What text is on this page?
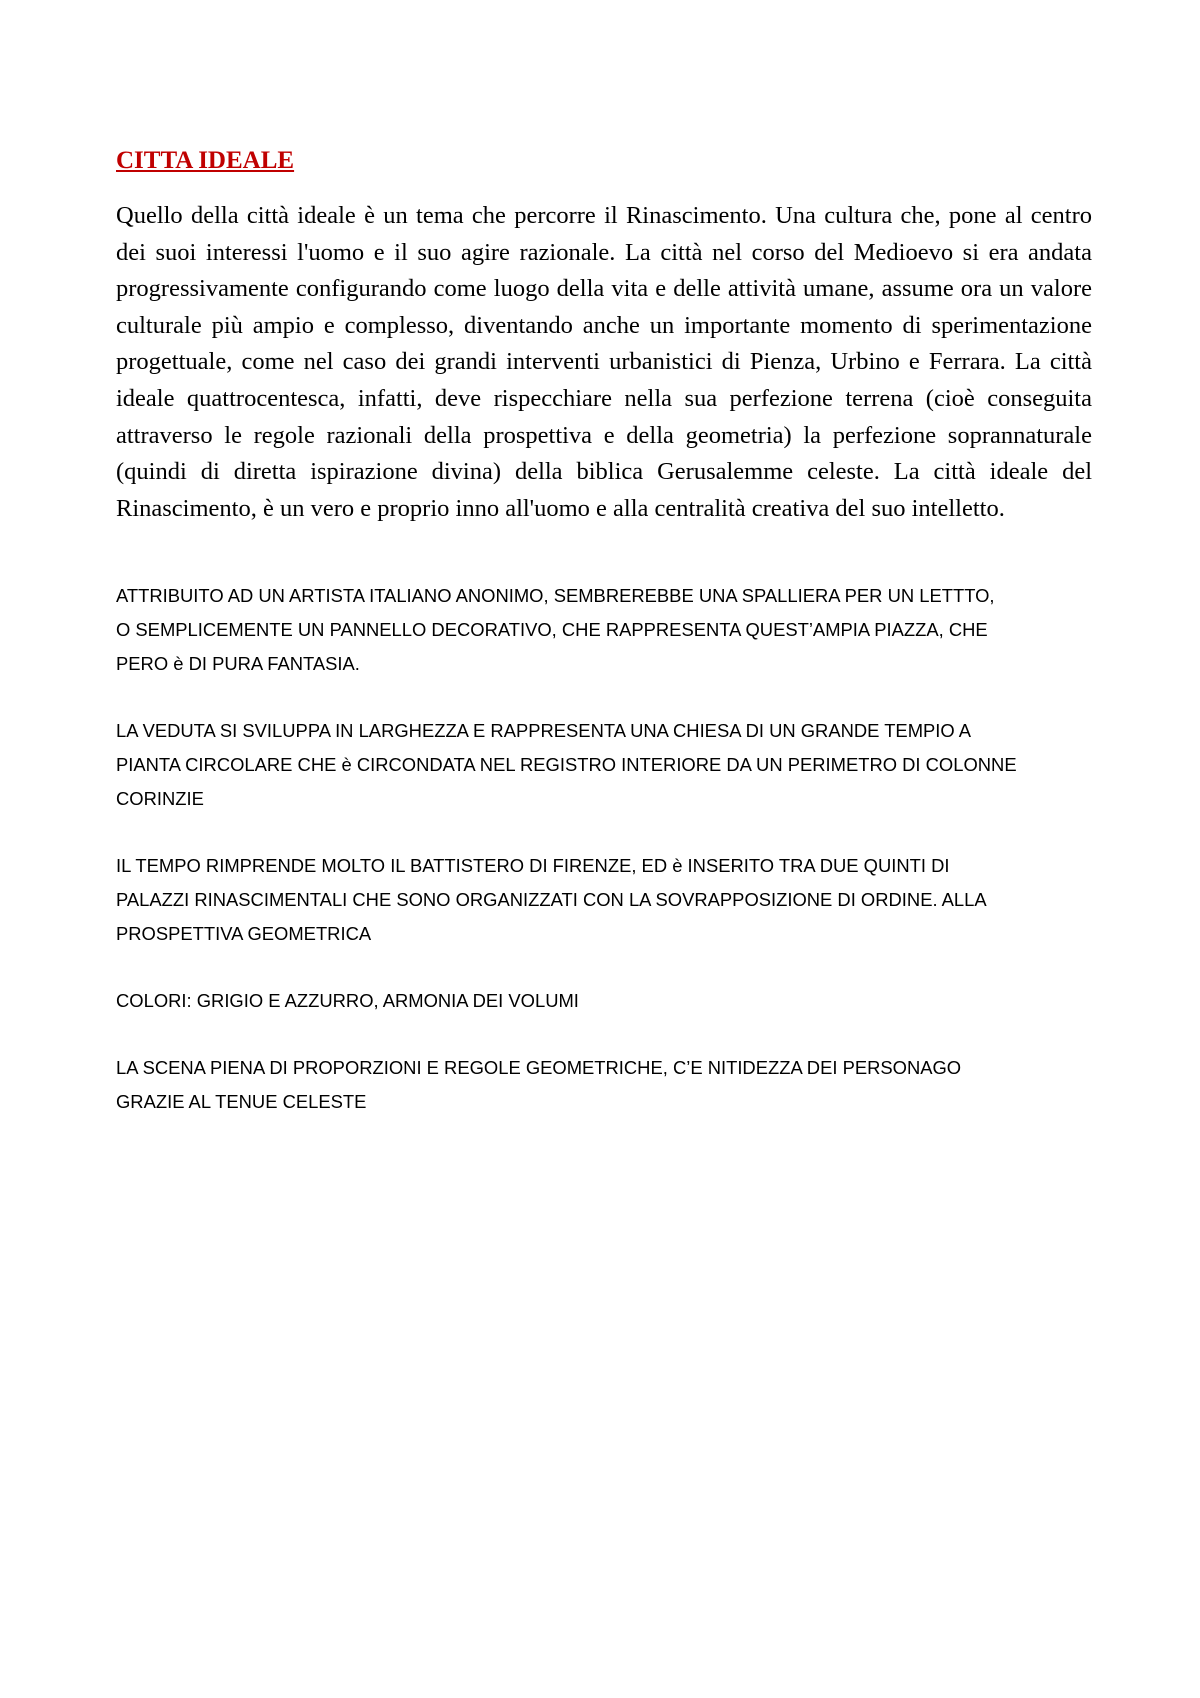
CITTA IDEALE

Quello della città ideale è un tema che percorre il Rinascimento. Una cultura che, pone al centro dei suoi interessi l'uomo e il suo agire razionale. La città nel corso del Medioevo si era andata progressivamente configurando come luogo della vita e delle attività umane, assume ora un valore culturale più ampio e complesso, diventando anche un importante momento di sperimentazione progettuale, come nel caso dei grandi interventi urbanistici di Pienza, Urbino e Ferrara. La città ideale quattrocentesca, infatti, deve rispecchiare nella sua perfezione terrena (cioè conseguita attraverso le regole razionali della prospettiva e della geometria) la perfezione soprannaturale (quindi di diretta ispirazione divina) della biblica Gerusalemme celeste. La città ideale del Rinascimento, è un vero e proprio inno all'uomo e alla centralità creativa del suo intelletto.

ATTRIBUITO AD UN ARTISTA ITALIANO ANONIMO, SEMBREREBBE UNA SPALLIERA PER UN LETTTO,
O SEMPLICEMENTE UN PANNELLO DECORATIVO, CHE RAPPRESENTA QUEST’AMPIA PIAZZA, CHE
PERO è DI PURA FANTASIA.

LA VEDUTA SI SVILUPPA IN LARGHEZZA E RAPPRESENTA UNA CHIESA DI UN GRANDE TEMPIO A
PIANTA CIRCOLARE CHE è CIRCONDATA NEL REGISTRO INTERIORE DA UN PERIMETRO DI COLONNE
CORINZIE

IL TEMPO RIMPRENDE MOLTO IL BATTISTERO DI FIRENZE, ED è INSERITO TRA DUE QUINTI DI
PALAZZI RINASCIMENTALI CHE SONO ORGANIZZATI CON LA SOVRAPPOSIZIONE DI ORDINE. ALLA
PROSPETTIVA GEOMETRICA

COLORI: GRIGIO E AZZURRO, ARMONIA DEI VOLUMI

LA SCENA PIENA DI PROPORZIONI E REGOLE GEOMETRICHE, C’E NITIDEZZA DEI PERSONAGO
GRAZIE AL TENUE CELESTE
